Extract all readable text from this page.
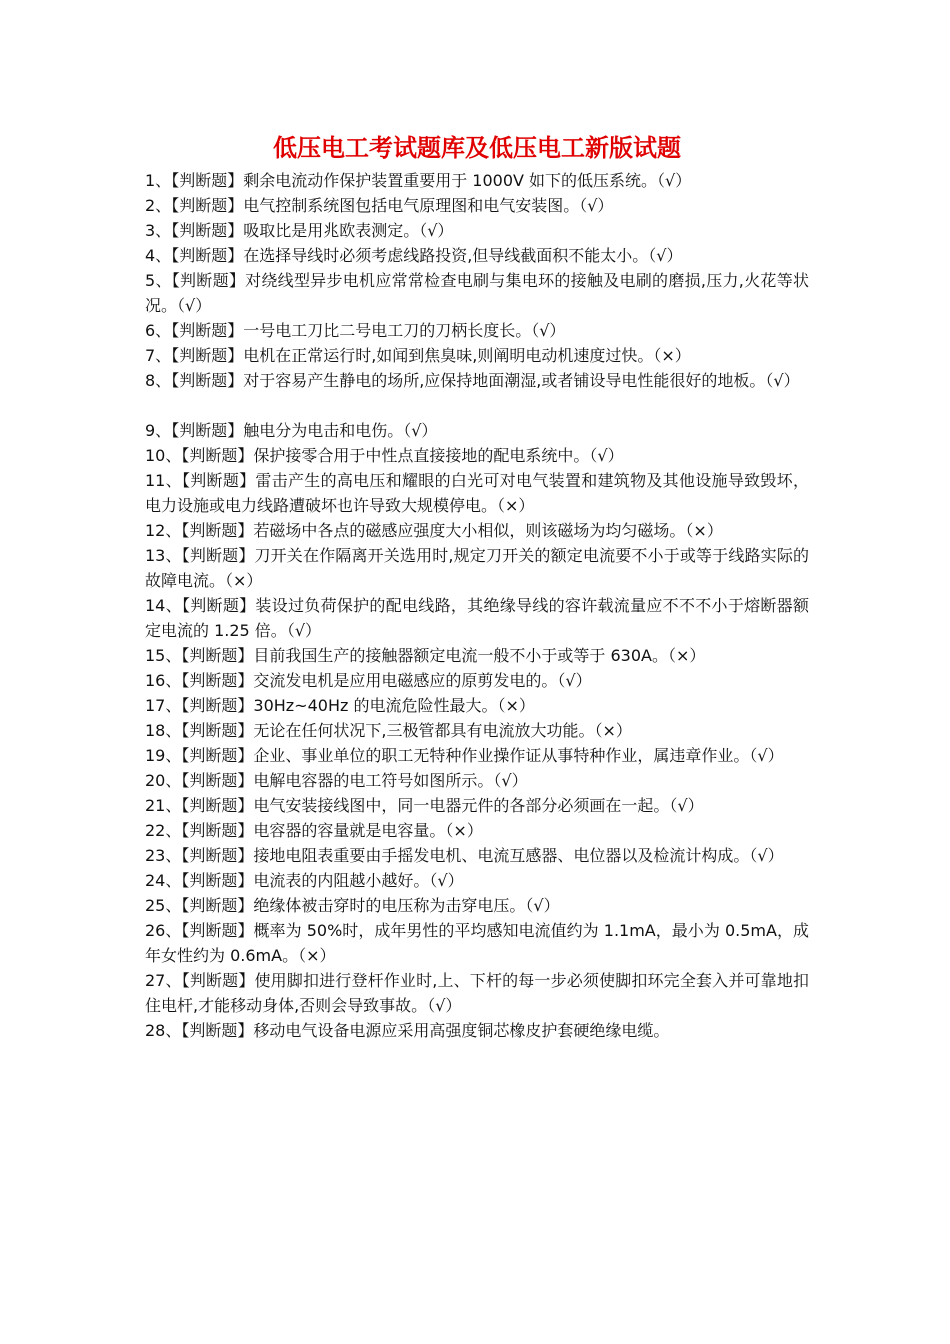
低压电工考试题库及低压电工新版试题
1、【判断题】剩余电流动作保护装置重要用于 1000V 如下的低压系统。（√）
2、【判断题】电气控制系统图包括电气原理图和电气安装图。（√）
3、【判断题】吸取比是用兆欧表测定。（√）
4、【判断题】在选择导线时必须考虑线路投资,但导线截面积不能太小。（√）
5、【判断题】对绕线型异步电机应常常检查电刷与集电环的接触及电刷的磨损,压力,火花等状况。（√）
6、【判断题】一号电工刀比二号电工刀的刀柄长度长。（√）
7、【判断题】电机在正常运行时,如闻到焦臭味,则阐明电动机速度过快。（×）
8、【判断题】对于容易产生静电的场所,应保持地面潮湿,或者铺设导电性能很好的地板。（√）
9、【判断题】触电分为电击和电伤。（√）
10、【判断题】保护接零合用于中性点直接接地的配电系统中。（√）
11、【判断题】雷击产生的高电压和耀眼的白光可对电气装置和建筑物及其他设施导致毁坏，电力设施或电力线路遭破坏也许导致大规模停电。（×）
12、【判断题】若磁场中各点的磁感应强度大小相似，则该磁场为均匀磁场。（×）
13、【判断题】刀开关在作隔离开关选用时,规定刀开关的额定电流要不小于或等于线路实际的故障电流。（×）
14、【判断题】装设过负荷保护的配电线路，其绝缘导线的容许载流量应不不不小于熔断器额定电流的 1.25 倍。（√）
15、【判断题】目前我国生产的接触器额定电流一般不小于或等于 630A。（×）
16、【判断题】交流发电机是应用电磁感应的原剪发电的。（√）
17、【判断题】30Hz~40Hz 的电流危险性最大。（×）
18、【判断题】无论在任何状况下,三极管都具有电流放大功能。（×）
19、【判断题】企业、事业单位的职工无特种作业操作证从事特种作业，属违章作业。（√）
20、【判断题】电解电容器的电工符号如图所示。（√）
21、【判断题】电气安装接线图中，同一电器元件的各部分必须画在一起。（√）
22、【判断题】电容器的容量就是电容量。（×）
23、【判断题】接地电阻表重要由手摇发电机、电流互感器、电位器以及检流计构成。（√）
24、【判断题】电流表的内阻越小越好。（√）
25、【判断题】绝缘体被击穿时的电压称为击穿电压。（√）
26、【判断题】概率为 50%时，成年男性的平均感知电流值约为 1.1mA，最小为 0.5mA，成年女性约为 0.6mA。（×）
27、【判断题】使用脚扣进行登杆作业时,上、下杆的每一步必须使脚扣环完全套入并可靠地扣住电杆,才能移动身体,否则会导致事故。（√）
28、【判断题】移动电气设备电源应采用高强度铜芯橡皮护套硬绝缘电缆。
